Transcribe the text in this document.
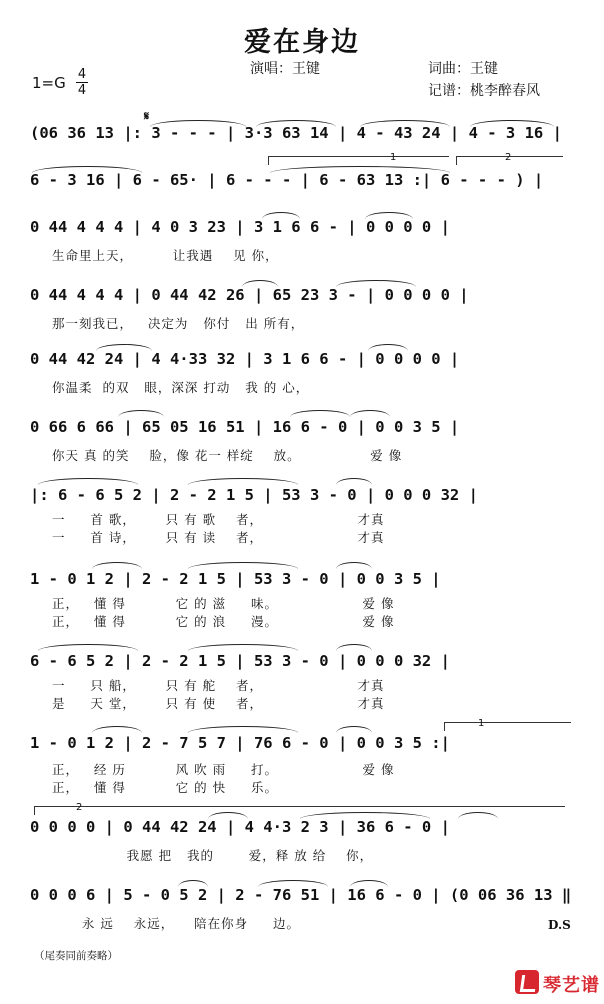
爱在身边
演唱：王键	词曲：王键
记谱：桃李醉春风
1=G 4
4
𝄋
(06 36 13 |: 3 - - - | 3·3 63 14 | 4 - 43 24 | 4 - 3 16 |
6 - 3 16 | 6 - 65· | 6 - - - | 6 - 63 13 :| 6 - - - ) |
1	2
0 44 4 4 4 | 4 0 3 23 | 3 1 6 6 - | 0 0 0 0 |
生命里上天，        让我遇    见 你，
0 44 4 4 4 | 0 44 42 26 | 65 23 3 - | 0 0 0 0 |
那一刻我已，   决定为   你付   出 所有，
0 44 42 24 | 4 4·33 32 | 3 1 6 6 - | 0 0 0 0 |
你温柔  的双   眼，深深 打动   我 的 心，
0 66 6 66 | 65 05 16 51 | 16 6 - 0 | 0 0 3 5 |
你天 真 的笑    脸，像 花一 样绽    放。              爱 像
|: 6 - 6 5 2 | 2 - 2 1 5 | 53 3 - 0 | 0 0 0 32 |
一     首 歌，      只 有 歌    者，                   才真
一     首 诗，      只 有 读    者，                   才真
1 - 0 1 2 | 2 - 2 1 5 | 53 3 - 0 | 0 0 3 5 |
正，   懂 得          它 的 滋     味。                 爱 像
正，   懂 得          它 的 浪     漫。                 爱 像
6 - 6 5 2 | 2 - 2 1 5 | 53 3 - 0 | 0 0 0 32 |
一     只 船，      只 有 舵    者，                   才真
是     天 堂，      只 有 使    者，                   才真
1
1 - 0 1 2 | 2 - 7 5 7 | 76 6 - 0 | 0 0 3 5 :|
正，   经 历          风 吹 雨     打。                 爱 像
正，   懂 得          它 的 快     乐。
2
0 0 0 0 | 0 44 42 24 | 4 4·3 2 3 | 36 6 - 0 |
我愿 把   我的       爱，释 放 给    你，
0 0 0 6 | 5 - 0 5 2 | 2 - 76 51 | 16 6 - 0 | (0 06 36 13 ‖
永 远    永远，    陪在你身     边。	D.S
（尾奏同前奏略）
琴艺谱
